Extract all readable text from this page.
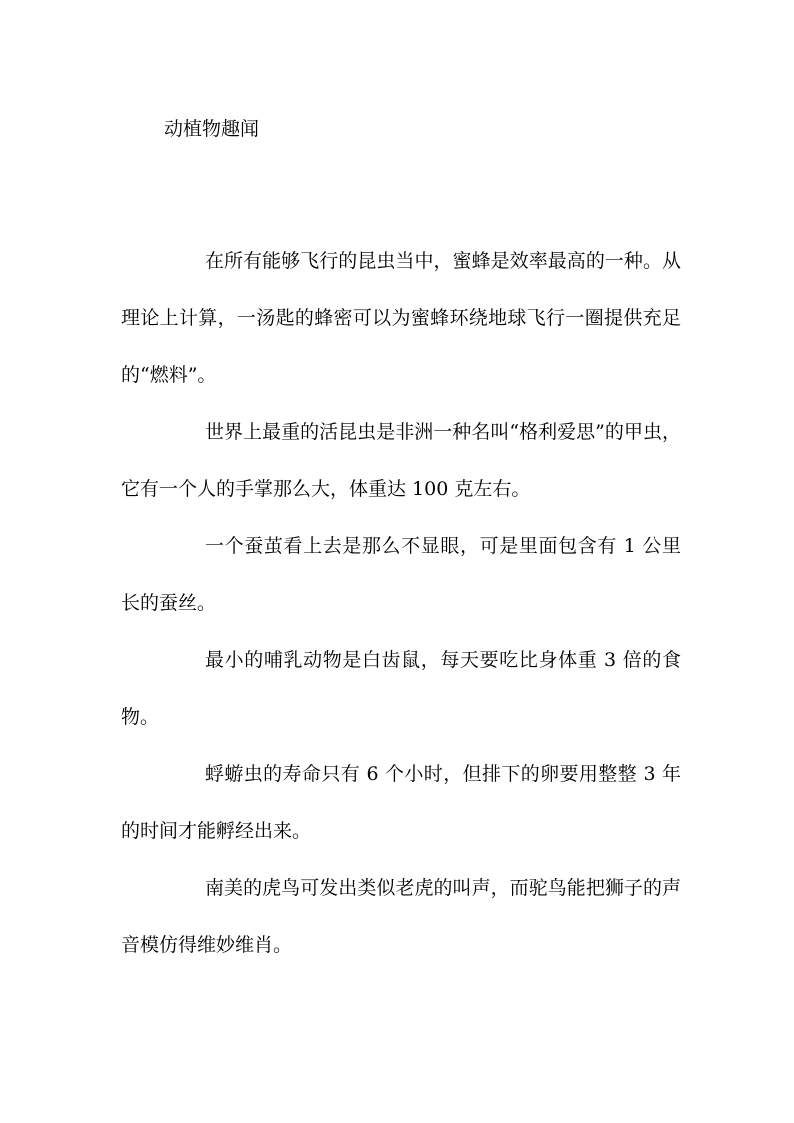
动植物趣闻

在所有能够飞行的昆虫当中，蜜蜂是效率最高的一种。从理论上计算，一汤匙的蜂密可以为蜜蜂环绕地球飞行一圈提供充足的“燃料”。

世界上最重的活昆虫是非洲一种名叫“格利爱思”的甲虫，它有一个人的手掌那么大，体重达 100 克左右。

一个蚕茧看上去是那么不显眼，可是里面包含有 1 公里长的蚕丝。

最小的哺乳动物是白齿鼠，每天要吃比身体重 3 倍的食物。

蜉蝣虫的寿命只有 6 个小时，但排下的卵要用整整 3 年的时间才能孵经出来。

南美的虎鸟可发出类似老虎的叫声，而驼鸟能把狮子的声音模仿得维妙维肖。
